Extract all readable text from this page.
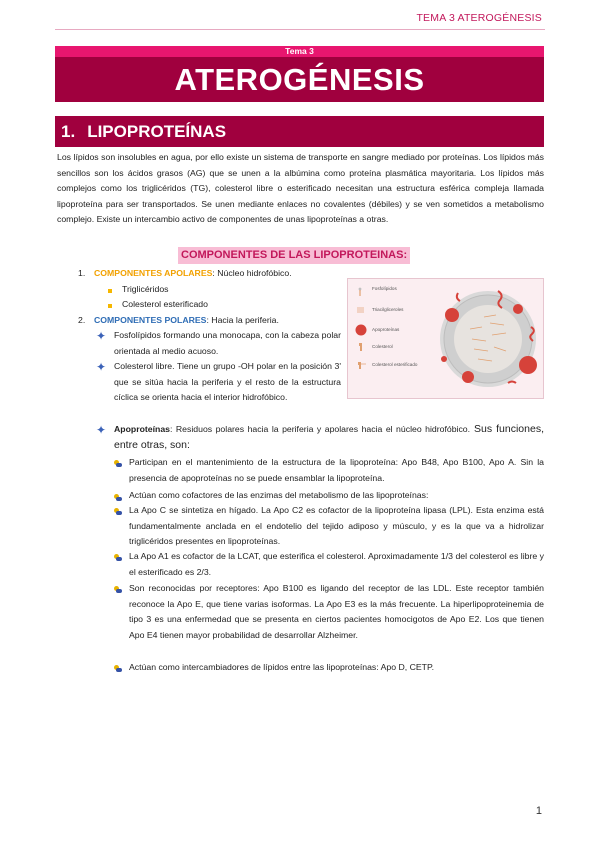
TEMA 3 ATEROGÉNESIS
Tema 3
ATEROGÉNESIS
1. LIPOPROTEÍNAS
Los lípidos son insolubles en agua, por ello existe un sistema de transporte en sangre mediado por proteínas. Los lípidos más sencillos son los ácidos grasos (AG) que se unen a la albúmina como proteína plasmática mayoritaria. Los lípidos más complejos como los triglicéridos (TG), colesterol libre o esterificado necesitan una estructura esférica compleja llamada lipoproteína para ser transportados. Se unen mediante enlaces no covalentes (débiles) y se ven sometidos a metabolismo complejo. Existe un intercambio activo de componentes de unas lipoproteínas a otras.
COMPONENTES DE LAS LIPOPROTEINAS:
1. COMPONENTES APOLARES: Núcleo hidrofóbico.
Triglicéridos
Colesterol esterificado
2. COMPONENTES POLARES: Hacia la periferia.
✦ Fosfolípidos formando una monocapa, con la cabeza polar orientada al medio acuoso.
✦ Colesterol libre. Tiene un grupo -OH polar en la posición 3' que se sitúa hacia la periferia y el resto de la estructura cíclica se orienta hacia el interior hidrofóbico.
Fosfolípidos
Triacilgliceroles
Apoproteínas
Colesterol
Colesterol esterificado
✦ Apoproteínas: Residuos polares hacia la periferia y apolares hacia el núcleo hidrofóbico. Sus funciones, entre otras, son:
Participan en el mantenimiento de la estructura de la lipoproteína: Apo B48, Apo B100, Apo A. Sin la presencia de apoproteínas no se puede ensamblar la lipoproteína.
Actúan como cofactores de las enzimas del metabolismo de las lipoproteínas:
La Apo C se sintetiza en hígado. La Apo C2 es cofactor de la lipoproteína lipasa (LPL). Esta enzima está fundamentalmente anclada en el endotelio del tejido adiposo y músculo, y es la que va a hidrolizar triglicéridos presentes en lipoproteínas.
La Apo A1 es cofactor de la LCAT, que esterifica el colesterol. Aproximadamente 1/3 del colesterol es libre y el esterificado es 2/3.
Son reconocidas por receptores: Apo B100 es ligando del receptor de las LDL. Este receptor también reconoce la Apo E, que tiene varias isoformas. La Apo E3 es la más frecuente. La hiperlipoproteinemia de tipo 3 es una enfermedad que se presenta en ciertos pacientes homocigotos de Apo E2. Los que tienen Apo E4 tienen mayor probabilidad de desarrollar Alzheimer.
Actúan como intercambiadores de lípidos entre las lipoproteínas: Apo D, CETP.
1
